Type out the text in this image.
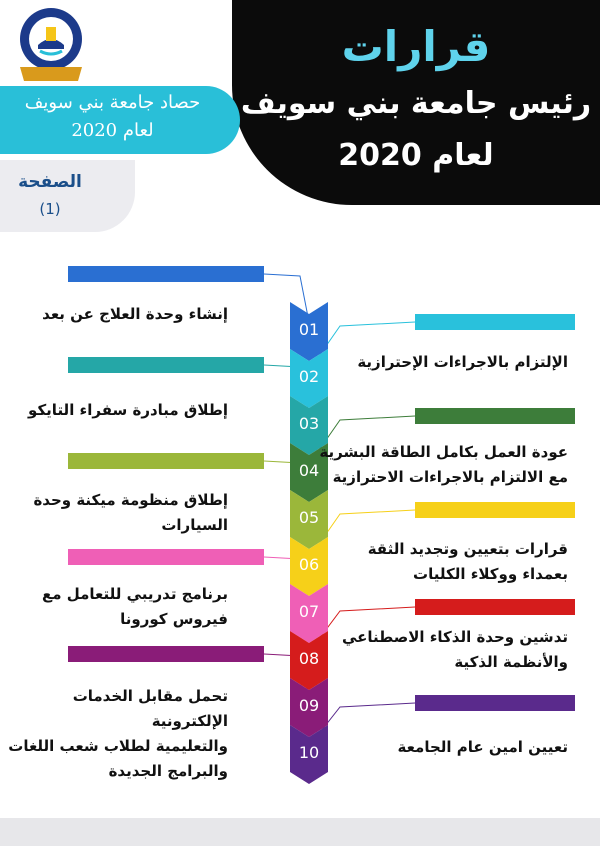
قرارات
رئيس جامعة بني سويف
لعام 2020
حصاد جامعة بني سويف
لعام 2020
الصفحة
(1)
01
إنشاء وحدة العلاج عن بعد
02
الإلتزام بالاجراءات الإحترازية
03
إطلاق مبادرة سفراء التايكو
04
عودة العمل بكامل الطاقة البشرية
مع الالتزام بالاجراءات الاحترازية
05
إطلاق منظومة ميكنة وحدة
السيارات
06
قرارات بتعيين وتجديد الثقة
بعمداء ووكلاء الكليات
07
برنامج تدريبي للتعامل مع
فيروس كورونا
08
تدشين وحدة الذكاء الاصطناعي
والأنظمة الذكية
09
تحمل مقابل الخدمات الإلكترونية
والتعليمية لطلاب شعب اللغات
والبرامج الجديدة
10	تعيين امين عام الجامعة
